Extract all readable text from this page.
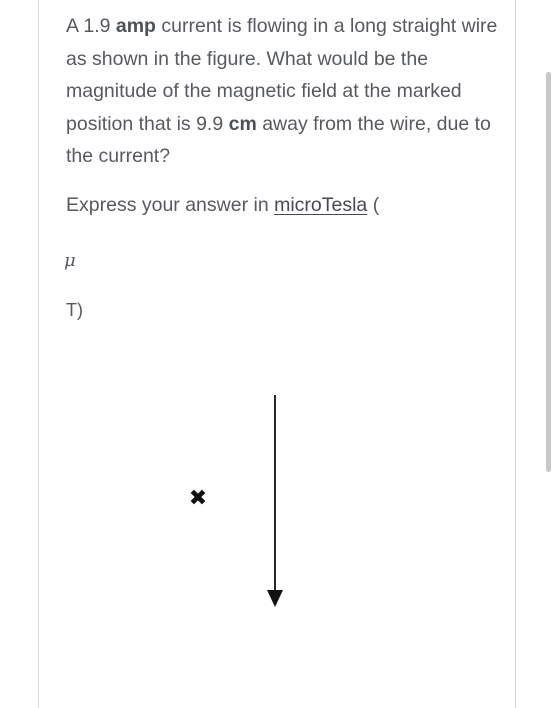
A 1.9 amp current is flowing in a long straight wire as shown in the figure. What would be the magnitude of the magnetic field at the marked position that is 9.9 cm away from the wire, due to the current?

Express your answer in microTesla (

μ
T)
✖
